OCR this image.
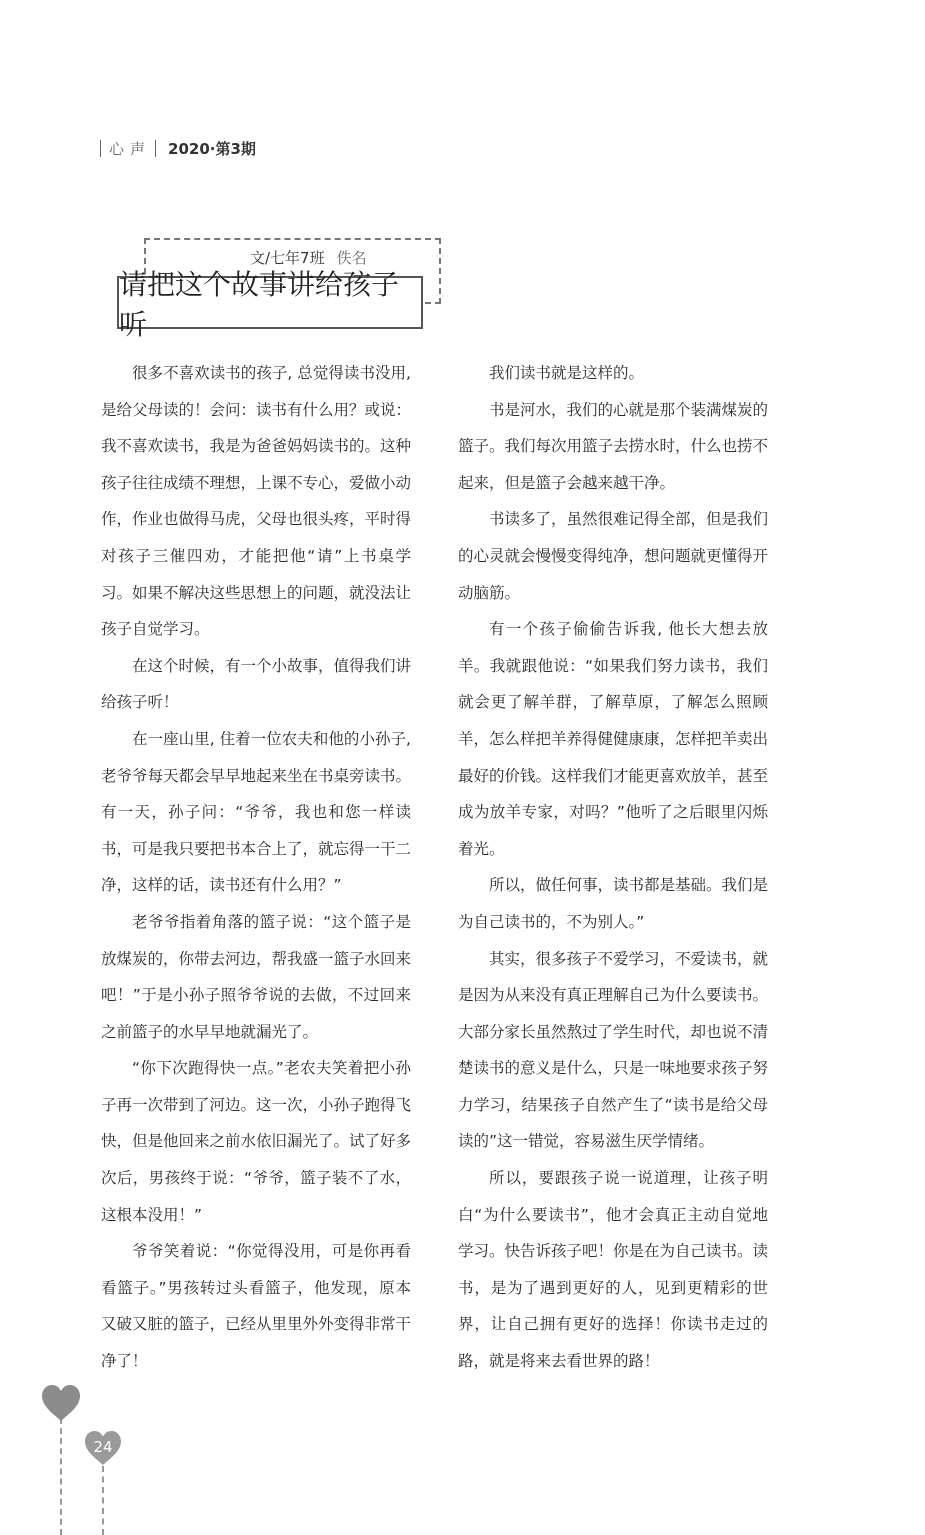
心声 2020·第3期
文/七年7班 佚名
请把这个故事讲给孩子听

很多不喜欢读书的孩子, 总觉得读书没用, 是给父母读的！会问：读书有什么用？或说：我不喜欢读书，我是为爸爸妈妈读书的。这种孩子往往成绩不理想，上课不专心，爱做小动作，作业也做得马虎，父母也很头疼，平时得对孩子三催四劝，才能把他“请”上书桌学习。如果不解决这些思想上的问题，就没法让孩子自觉学习。

在这个时候，有一个小故事，值得我们讲给孩子听！

在一座山里, 住着一位农夫和他的小孙子, 老爷爷每天都会早早地起来坐在书桌旁读书。有一天，孙子问：“爷爷，我也和您一样读书，可是我只要把书本合上了，就忘得一干二净，这样的话，读书还有什么用？”

老爷爷指着角落的篮子说：“这个篮子是放煤炭的，你带去河边，帮我盛一篮子水回来吧！”于是小孙子照爷爷说的去做，不过回来之前篮子的水早早地就漏光了。

“你下次跑得快一点。”老农夫笑着把小孙子再一次带到了河边。这一次，小孙子跑得飞快，但是他回来之前水依旧漏光了。试了好多次后，男孩终于说：“爷爷，篮子装不了水，这根本没用！”

爷爷笑着说：“你觉得没用，可是你再看看篮子。”男孩转过头看篮子，他发现，原本又破又脏的篮子，已经从里里外外变得非常干净了！

我们读书就是这样的。

书是河水，我们的心就是那个装满煤炭的篮子。我们每次用篮子去捞水时，什么也捞不起来，但是篮子会越来越干净。

书读多了，虽然很难记得全部，但是我们的心灵就会慢慢变得纯净，想问题就更懂得开动脑筋。

有一个孩子偷偷告诉我, 他长大想去放羊。我就跟他说：“如果我们努力读书，我们就会更了解羊群，了解草原，了解怎么照顾羊，怎么样把羊养得健健康康，怎样把羊卖出最好的价钱。这样我们才能更喜欢放羊，甚至成为放羊专家，对吗？”他听了之后眼里闪烁着光。

所以，做任何事，读书都是基础。我们是为自己读书的，不为别人。”

其实，很多孩子不爱学习，不爱读书，就是因为从来没有真正理解自己为什么要读书。大部分家长虽然熬过了学生时代，却也说不清楚读书的意义是什么，只是一味地要求孩子努力学习，结果孩子自然产生了“读书是给父母读的”这一错觉，容易滋生厌学情绪。

所以，要跟孩子说一说道理，让孩子明白“为什么要读书”，他才会真正主动自觉地学习。快告诉孩子吧！你是在为自己读书。读书，是为了遇到更好的人，见到更精彩的世界，让自己拥有更好的选择！你读书走过的路，就是将来去看世界的路！

24
